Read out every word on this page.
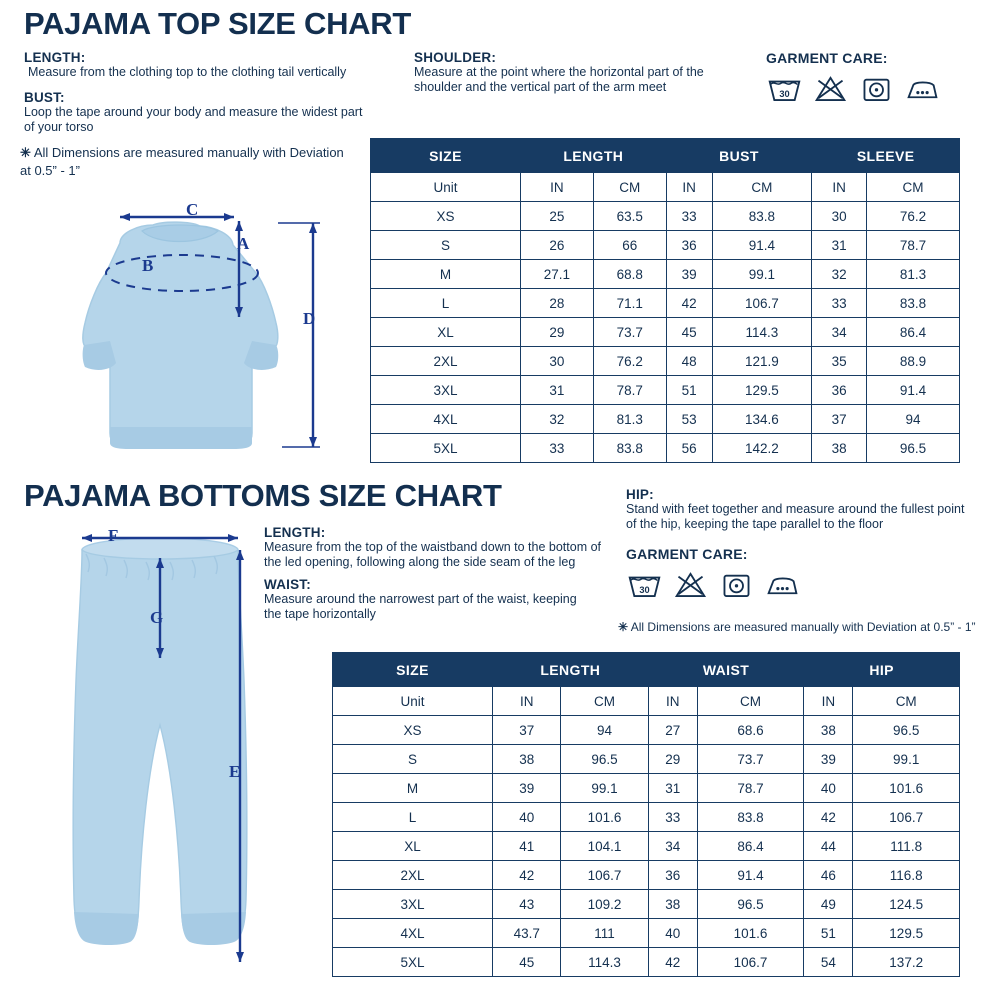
PAJAMA TOP SIZE CHART
LENGTH:
Measure from the clothing top to the clothing tail vertically
BUST:
Loop the tape around your body and measure the widest part of your torso
SHOULDER:
Measure at the point where the horizontal part of the shoulder and the vertical part of the arm meet
✳ All Dimensions are measured manually with Deviation at 0.5” - 1”
GARMENT CARE:
30
C
A
B
D
SIZE	LENGTH		BUST		SLEEVE	
Unit	IN	CM	IN	CM	IN	CM
XS	25	63.5	33	83.8	30	76.2
S	26	66	36	91.4	31	78.7
M	27.1	68.8	39	99.1	32	81.3
L	28	71.1	42	106.7	33	83.8
XL	29	73.7	45	114.3	34	86.4
2XL	30	76.2	48	121.9	35	88.9
3XL	31	78.7	51	129.5	36	91.4
4XL	32	81.3	53	134.6	37	94
5XL	33	83.8	56	142.2	38	96.5
PAJAMA BOTTOMS SIZE CHART
LENGTH:
Measure from the top of the waistband down to the bottom of the led opening, following along the side seam of the leg
WAIST:
Measure around the narrowest part of the waist, keeping the tape horizontally
HIP:
Stand with feet together and measure around the fullest point of the hip, keeping the tape parallel to the floor
GARMENT CARE:
30
✳ All Dimensions are measured manually with Deviation at 0.5” - 1”
F
G
E
SIZE	LENGTH		WAIST		HIP	
Unit	IN	CM	IN	CM	IN	CM
XS	37	94	27	68.6	38	96.5
S	38	96.5	29	73.7	39	99.1
M	39	99.1	31	78.7	40	101.6
L	40	101.6	33	83.8	42	106.7
XL	41	104.1	34	86.4	44	111.8
2XL	42	106.7	36	91.4	46	116.8
3XL	43	109.2	38	96.5	49	124.5
4XL	43.7	111	40	101.6	51	129.5
5XL	45	114.3	42	106.7	54	137.2
